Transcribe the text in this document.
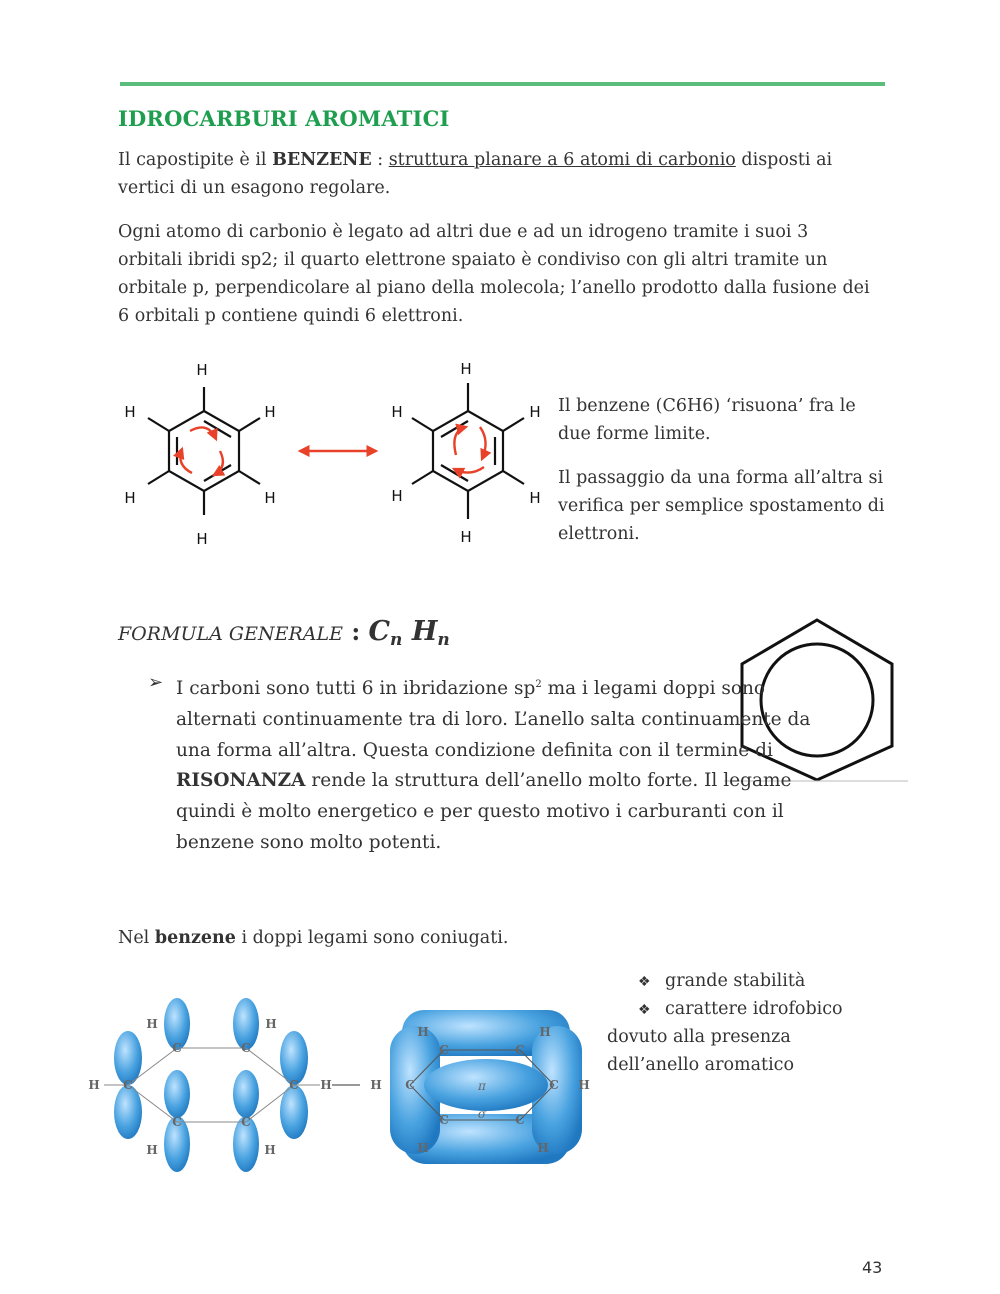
IDROCARBURI AROMATICI

Il capostipite è il BENZENE : struttura planare a 6 atomi di carbonio disposti ai vertici di un esagono regolare.

Ogni atomo di carbonio è legato ad altri due e ad un idrogeno tramite i suoi 3 orbitali ibridi sp2; il quarto elettrone spaiato è condiviso con gli altri tramite un orbitale p, perpendicolare al piano della molecola; l’anello prodotto dalla fusione dei 6 orbitali p contiene quindi 6 elettroni.

H
H
H
H
H
H
H
H
H
H
H
H	Il benzene (C6H6) ‘risuona’ fra le due forme limite.

Il passaggio da una forma all’altra si verifica per semplice spostamento di elettroni.

FORMULA GENERALE : $C_n$ $H_n$
➢ I carboni sono tutti 6 in ibridazione $sp^2$ ma i legami doppi sono alternati continuamente tra di loro. L’anello salta continuamente da una forma all’altra. Questa condizione definita con il termine di RISONANZA rende la struttura dell’anello molto forte. Il legame quindi è molto energetico e per questo motivo i carburanti con il benzene sono molto potenti.

Nel benzene i doppi legami sono coniugati.

C	C
C	C
C	C
H	H
H	H
H	H
H
H	H
H	H
H
C	C
C	C
C	C
π
σ
❖ grande stabilità
❖ carattere idrofobico

dovuto alla presenza dell’anello aromatico

43
